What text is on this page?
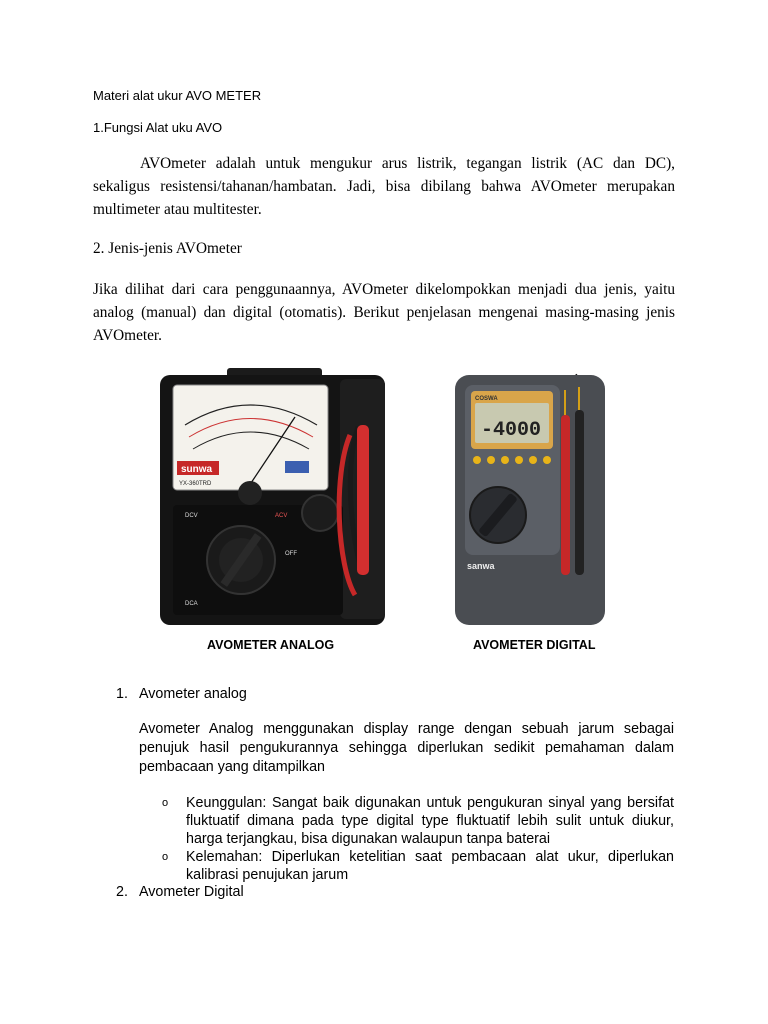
Materi alat ukur AVO METER
1.Fungsi Alat uku AVO
AVOmeter adalah untuk mengukur arus listrik, tegangan listrik (AC dan DC), sekaligus resistensi/tahanan/hambatan. Jadi, bisa dibilang bahwa AVOmeter merupakan multimeter atau multitester.
2. Jenis-jenis AVOmeter
Jika dilihat dari cara penggunaannya, AVOmeter dikelompokkan menjadi dua jenis, yaitu analog (manual) dan digital (otomatis). Berikut penjelasan mengenai masing-masing jenis AVOmeter.
sunwa
YX-360TRD
DCV
DCA
ACV
OFF
COSWA
-4000
sanwa
AVOMETER ANALOG	AVOMETER DIGITAL
1. Avometer analog
Avometer Analog menggunakan display range dengan sebuah jarum sebagai penujuk hasil pengukurannya sehingga diperlukan sedikit pemahaman dalam pembacaan yang ditampilkan
o Keunggulan: Sangat baik digunakan untuk pengukuran sinyal yang bersifat fluktuatif dimana pada type digital type fluktuatif lebih sulit untuk diukur, harga terjangkau, bisa digunakan walaupun tanpa baterai
o Kelemahan: Diperlukan ketelitian saat pembacaan alat ukur, diperlukan kalibrasi penujukan jarum
2. Avometer Digital
